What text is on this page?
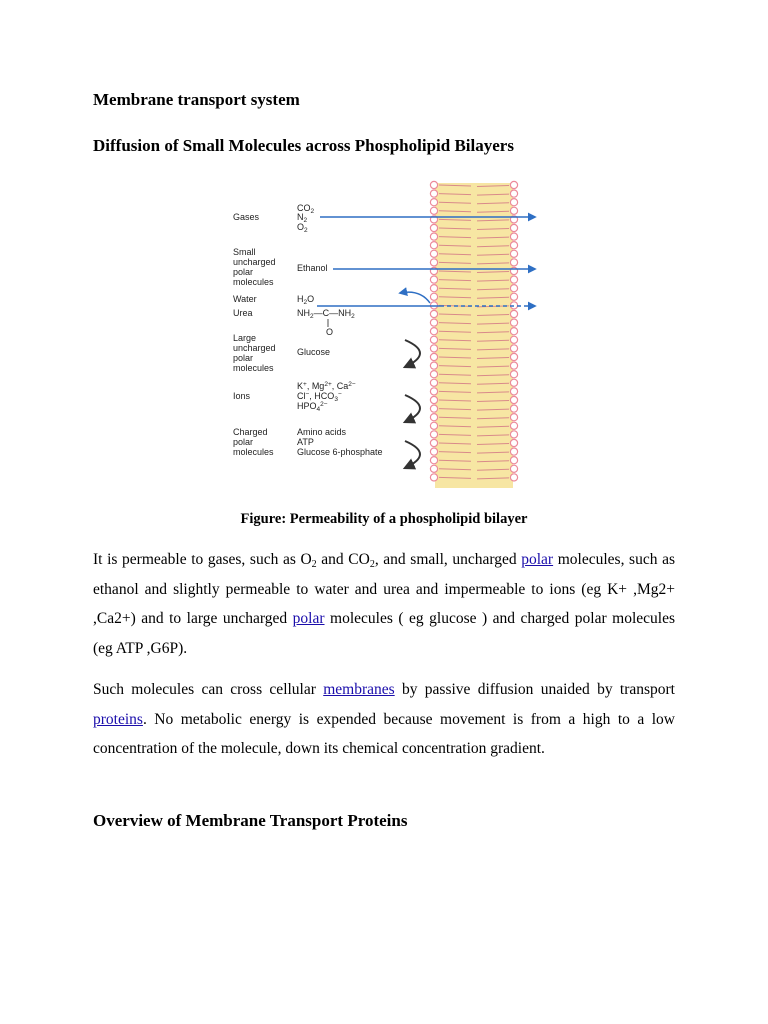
Membrane transport system
Diffusion of Small Molecules across Phospholipid Bilayers
Gases
Small
uncharged
polar
molecules
Water
Urea
Large
uncharged
polar
molecules
Ions
Charged
polar
molecules
$CO_2$
$N_2$
$O_2$
Ethanol
$H_2O$
$NH_2—C—NH_2$
O
Glucose
K+, $Mg^{2+}$, $Ca^{2-}$
Cl−, $HCO_3^-$
$HPO_4^{2-}$
Amino acids
ATP
Glucose 6-phosphate

Figure: Permeability of a phospholipid bilayer

It is permeable to gases, such as $O_2$ and $CO_2$, and small, uncharged polar molecules, such as ethanol and slightly permeable to water and urea and impermeable to ions (eg K+ ,Mg2+ ,Ca2+) and to large uncharged polar molecules ( eg glucose ) and charged polar molecules (eg ATP ,G6P).

Such molecules can cross cellular membranes by passive diffusion unaided by transport proteins. No metabolic energy is expended because movement is from a high to a low concentration of the molecule, down its chemical concentration gradient.

Overview of Membrane Transport Proteins
